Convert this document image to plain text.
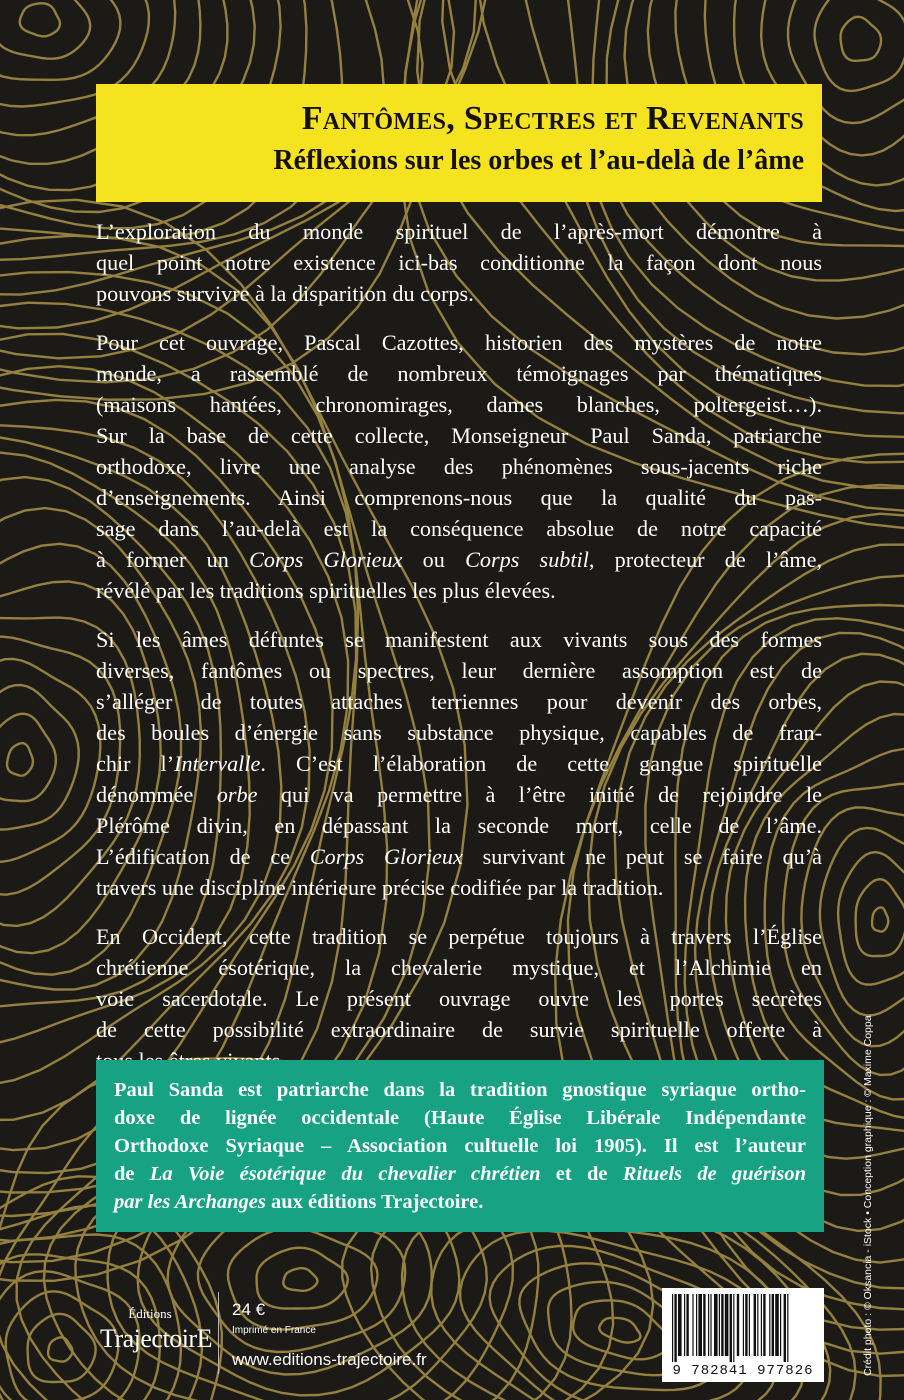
Fantômes, Spectres et Revenants
Réflexions sur les orbes et l’au-delà de l’âme

L’exploration du monde spirituel de l’après-mort démontre à
quel point notre existence ici-bas conditionne la façon dont nous
pouvons survivre à la disparition du corps.

Pour cet ouvrage, Pascal Cazottes, historien des mystères de notre
monde, a rassemblé de nombreux témoignages par thématiques
(maisons hantées, chronomirages, dames blanches, poltergeist…).
Sur la base de cette collecte, Monseigneur Paul Sanda, patriarche
orthodoxe, livre une analyse des phénomènes sous-jacents riche
d’enseignements. Ainsi comprenons-nous que la qualité du pas-
sage dans l’au-delà est la conséquence absolue de notre capacité
à former un Corps Glorieux ou Corps subtil, protecteur de l’âme,
révélé par les traditions spirituelles les plus élevées.

Si les âmes défuntes se manifestent aux vivants sous des formes
diverses, fantômes ou spectres, leur dernière assomption est de
s’alléger de toutes attaches terriennes pour devenir des orbes,
des boules d’énergie sans substance physique, capables de fran-
chir l’Intervalle. C’est l’élaboration de cette gangue spirituelle
dénommée orbe qui va permettre à l’être initié de rejoindre le
Plérôme divin, en dépassant la seconde mort, celle de l’âme.
L’édification de ce Corps Glorieux survivant ne peut se faire qu’à
travers une discipline intérieure précise codifiée par la tradition.

En Occident, cette tradition se perpétue toujours à travers l’Église
chrétienne ésotérique, la chevalerie mystique, et l’Alchimie en
voie sacerdotale. Le présent ouvrage ouvre les portes secrètes
de cette possibilité extraordinaire de survie spirituelle offerte à

Paul Sanda est patriarche dans la tradition gnostique syriaque ortho-
doxe de lignée occidentale (Haute Église Libérale Indépendante
Orthodoxe Syriaque – Association cultuelle loi 1905). Il est l’auteur
de La Voie ésotérique du chevalier chrétien et de Rituels de guérison
par les Archanges aux éditions Trajectoire.
Éditions
TrajectoirE
24 €
Imprimé en France
www.editions-trajectoire.fr
9 782841 977826	Crédit photo : © Oksancia - iStock • Conception graphique : © Maxime Coppa
